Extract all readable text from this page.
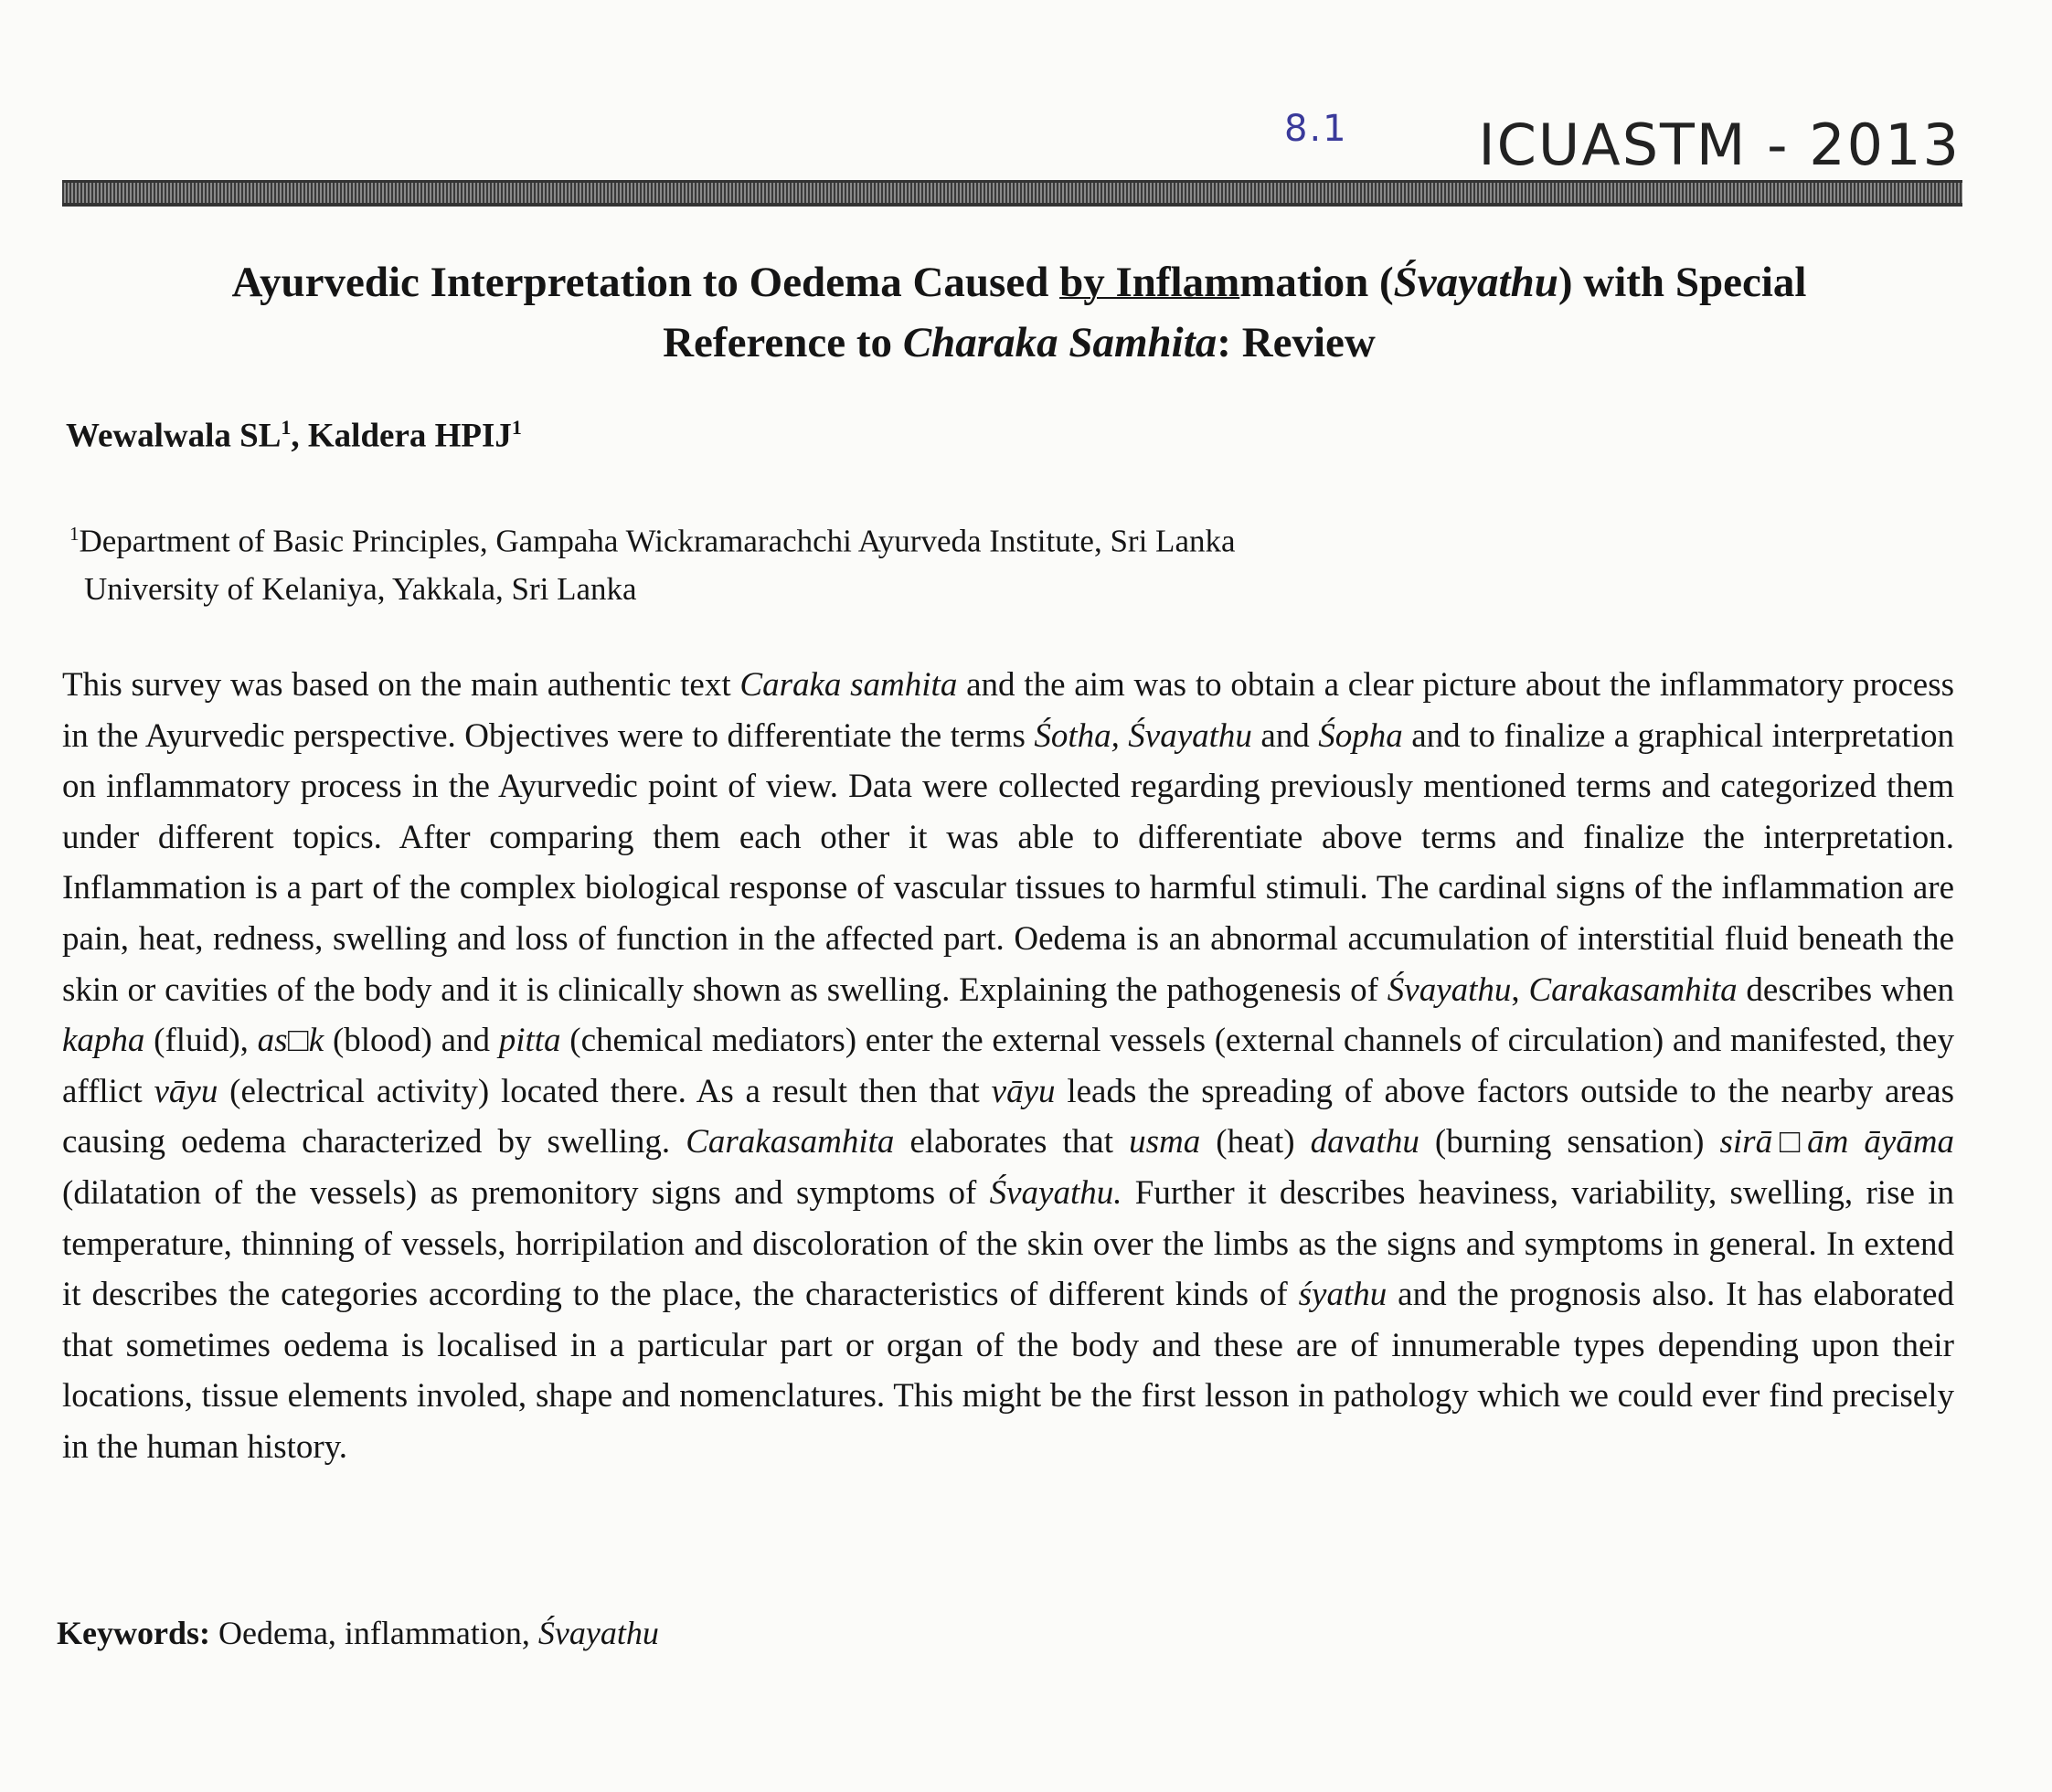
8.1 ICUASTM - 2013
Ayurvedic Interpretation to Oedema Caused by Inflammation (Śvayathu) with Special Reference to Charaka Samhita: Review

Wewalwala $SL^1$, Kaldera HPIJ$^1$

$^1$Department of Basic Principles, Gampaha Wickramarachchi Ayurveda Institute, Sri Lanka
University of Kelaniya, Yakkala, Sri Lanka

This survey was based on the main authentic text Caraka samhita and the aim was to obtain a clear picture about the inflammatory process in the Ayurvedic perspective. Objectives were to differentiate the terms Śotha, Śvayathu and Śopha and to finalize a graphical interpretation on inflammatory process in the Ayurvedic point of view. Data were collected regarding previously mentioned terms and categorized them under different topics. After comparing them each other it was able to differentiate above terms and finalize the interpretation. Inflammation is a part of the complex biological response of vascular tissues to harmful stimuli. The cardinal signs of the inflammation are pain, heat, redness, swelling and loss of function in the affected part. Oedema is an abnormal accumulation of interstitial fluid beneath the skin or cavities of the body and it is clinically shown as swelling. Explaining the pathogenesis of Śvayathu, Carakasamhita describes when kapha (fluid), as□k (blood) and pitta (chemical mediators) enter the external vessels (external channels of circulation) and manifested, they afflict vāyu (electrical activity) located there. As a result then that vāyu leads the spreading of above factors outside to the nearby areas causing oedema characterized by swelling. Carakasamhita elaborates that usma (heat) davathu (burning sensation) sirā□ām āyāma (dilatation of the vessels) as premonitory signs and symptoms of Śvayathu. Further it describes heaviness, variability, swelling, rise in temperature, thinning of vessels, horripilation and discoloration of the skin over the limbs as the signs and symptoms in general. In extend it describes the categories according to the place, the characteristics of different kinds of śyathu and the prognosis also. It has elaborated that sometimes oedema is localised in a particular part or organ of the body and these are of innumerable types depending upon their locations, tissue elements involed, shape and nomenclatures. This might be the first lesson in pathology which we could ever find precisely in the human history.

Keywords: Oedema, inflammation, Śvayathu
